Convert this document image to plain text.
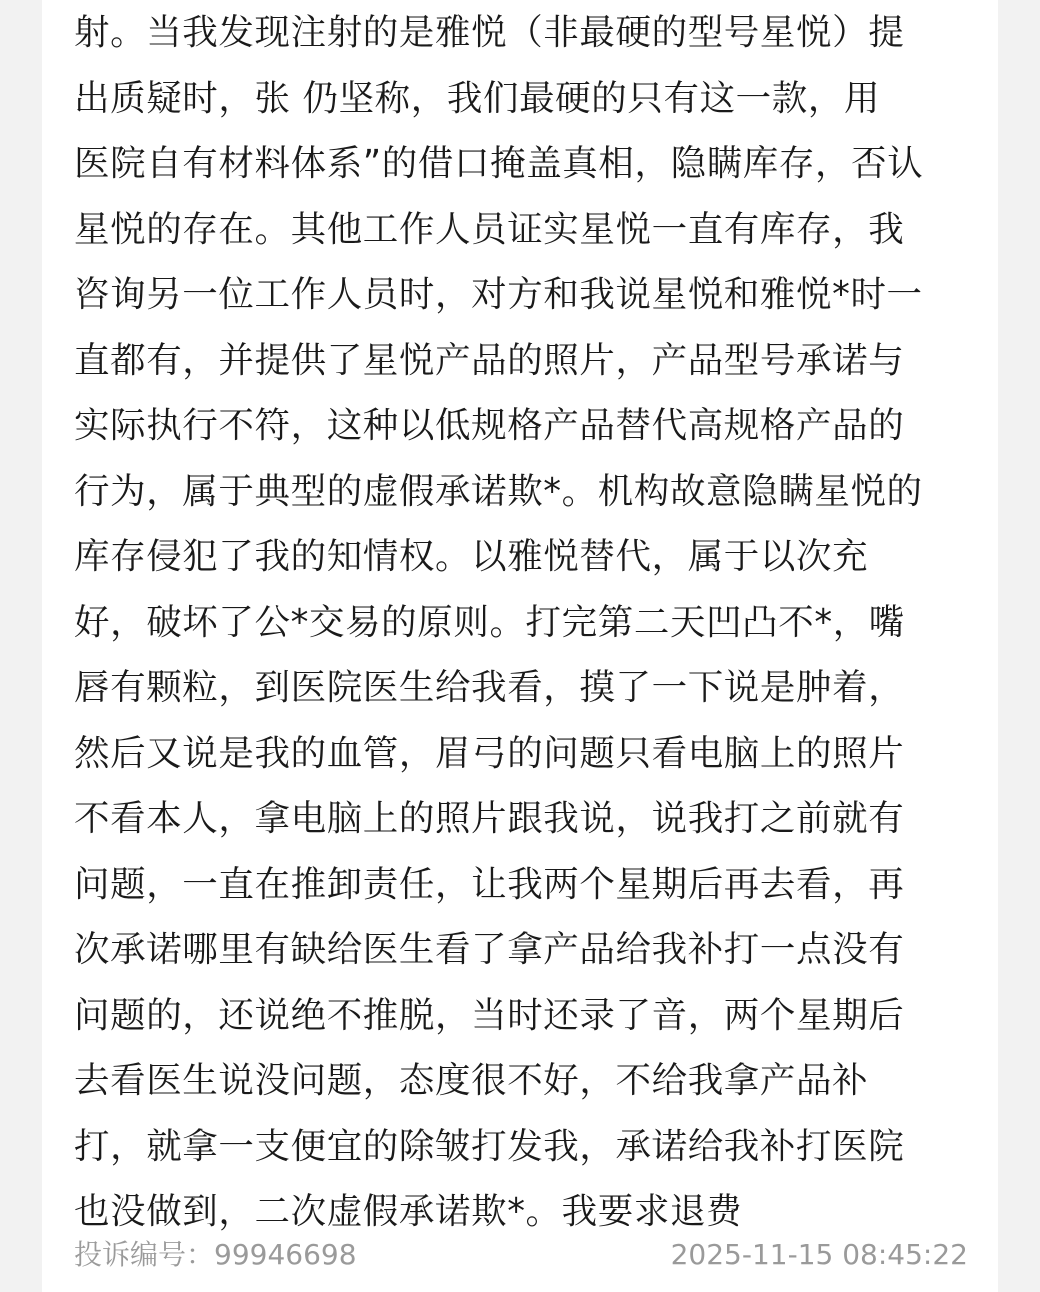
射。当我发现注射的是雅悦（非最硬的型号星悦）提
出质疑时，张 仍坚称，我们最硬的只有这一款，用
医院自有材料体系”的借口掩盖真相，隐瞒库存，否认
星悦的存在。其他工作人员证实星悦一直有库存，我
咨询另一位工作人员时，对方和我说星悦和雅悦*时一
直都有，并提供了星悦产品的照片，产品型号承诺与
实际执行不符，这种以低规格产品替代高规格产品的
行为，属于典型的虚假承诺欺*。机构故意隐瞒星悦的
库存侵犯了我的知情权。以雅悦替代，属于以次充
好，破坏了公*交易的原则。打完第二天凹凸不*，嘴
唇有颗粒，到医院医生给我看，摸了一下说是肿着，
然后又说是我的血管，眉弓的问题只看电脑上的照片
不看本人，拿电脑上的照片跟我说，说我打之前就有
问题，一直在推卸责任，让我两个星期后再去看，再
次承诺哪里有缺给医生看了拿产品给我补打一点没有
问题的，还说绝不推脱，当时还录了音，两个星期后
去看医生说没问题，态度很不好，不给我拿产品补
打，就拿一支便宜的除皱打发我，承诺给我补打医院
也没做到，二次虚假承诺欺*。我要求退费
投诉编号：99946698	2025-11-15 08:45:22
